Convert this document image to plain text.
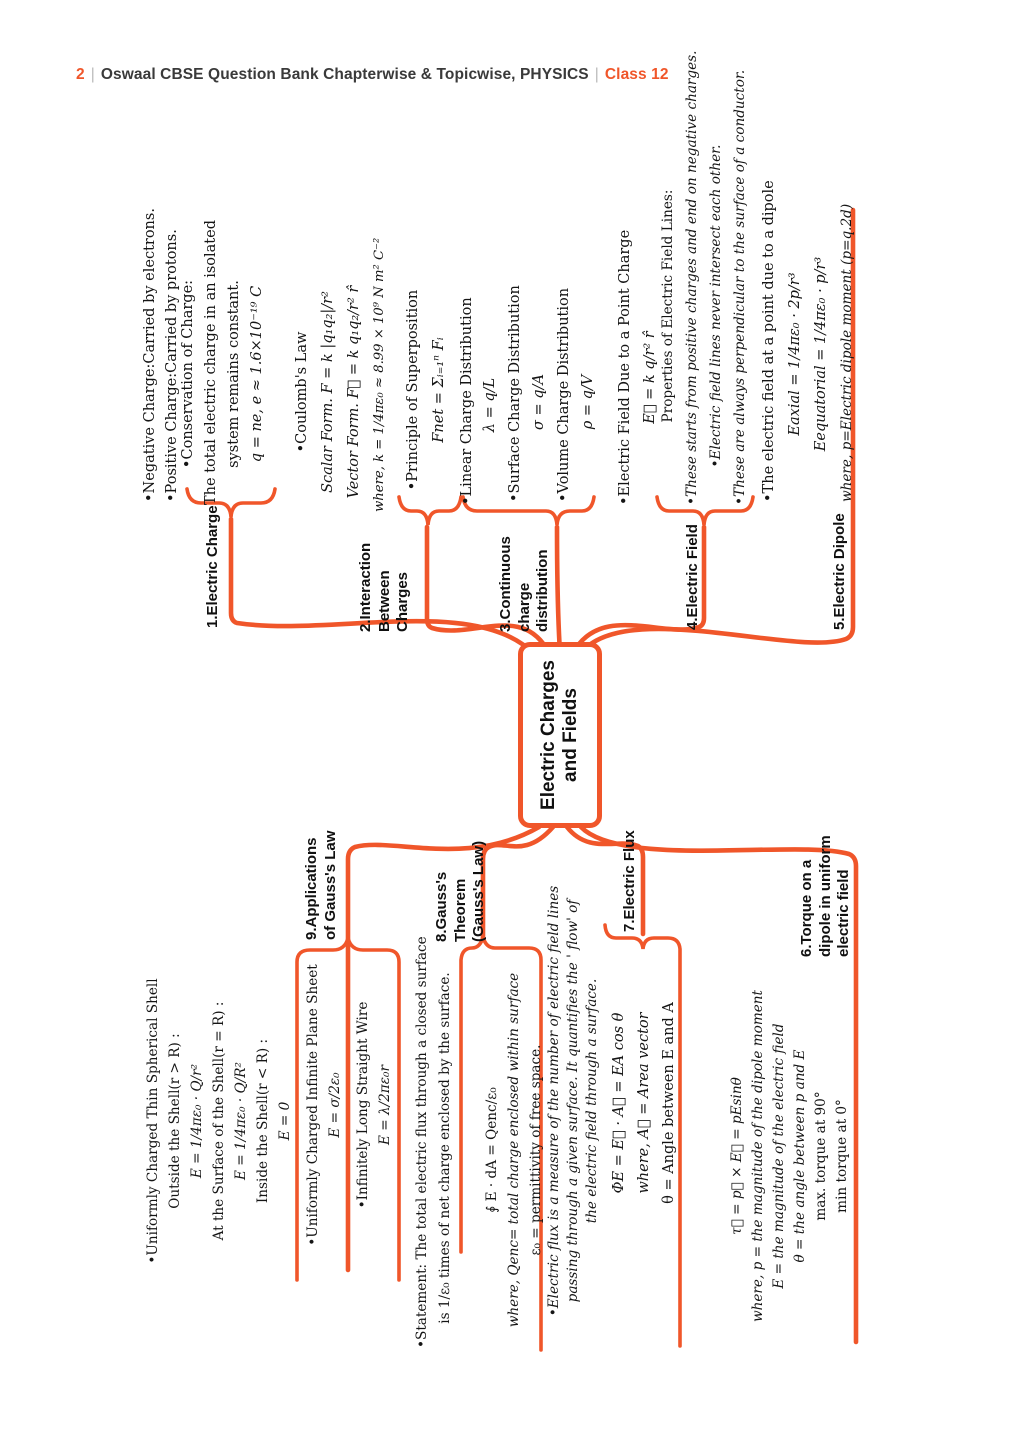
2 | Oswaal CBSE Question Bank Chapterwise & Topicwise, PHYSICS | Class 12
Electric Charges and Fields
1.Electric Charge
•Negative Charge:Carried by electrons. •Positive Charge:Carried by protons. •Conservation of Charge: The total electric charge in an isolated system remains constant. q = ne, e ≈ 1.6×10⁻¹⁹ C
2.Interaction Between Charges
•Coulomb's Law Scalar Form. F = k |q₁q₂|/r² Vector Form. F⃗ = k q₁q₂/r² r̂ where, k = 1/4πε₀ ≈ 8.99 × 10⁹ N m² C⁻²	•Principle of Superposition Fnet = Σᵢ₌₁ⁿ Fᵢ
3.Continuous charge distribution
•Linear Charge Distribution λ = q/L •Surface Charge Distribution σ = q/A •Volume Charge Distribution ρ = q/V
4.Electric Field
•Electric Field Due to a Point Charge E⃗ = k q/r² r̂ Properties of Electric Field Lines: •These starts from positive charges and end on negative charges. •Electric field lines never intersect each other. •These are always perpendicular to the surface of a conductor.
5.Electric Dipole
•The electric field at a point due to a dipole Eaxial = 1/4πε₀ · 2p/r³ Eequatorial = 1/4πε₀ · p/r³ where, p=Electric dipole moment (p=q.2d)
6.Torque on a dipole in uniform electric field
τ⃗ = p⃗ × E⃗ = pEsinθ where, p = the magnitude of the dipole moment E = the magnitude of the electric field θ = the angle between p and E max. torque at 90° min torque at 0°
7.Electric Flux
•Electric flux is a measure of the number of electric field lines passing through a given surface. It quantifies the ' flow' of the electric field through a surface. ΦE = E⃗ · A⃗ = EA cos θ where, A⃗ = Area vector θ = Angle between E and A
8.Gauss's Theorem (Gauss's Law)
•Statement: The total electric flux through a closed surface is 1/ε₀ times of net charge enclosed by the surface. ∮ E · dA = Qenc/ε₀ where, Qenc= total charge enclosed within surface ε₀ = permittivity of free space.
9.Applications of Gauss's Law
•Uniformly Charged Thin Spherical Shell Outside the Shell(r > R) : E = 1/4πε₀ · Q/r² At the Surface of the Shell(r = R) : E = 1/4πε₀ · Q/R² Inside the Shell(r < R) : E = 0 •Uniformly Charged Infinite Plane Sheet E = σ/2ε₀ •Infinitely Long Straight Wire E = λ/2πε₀r
